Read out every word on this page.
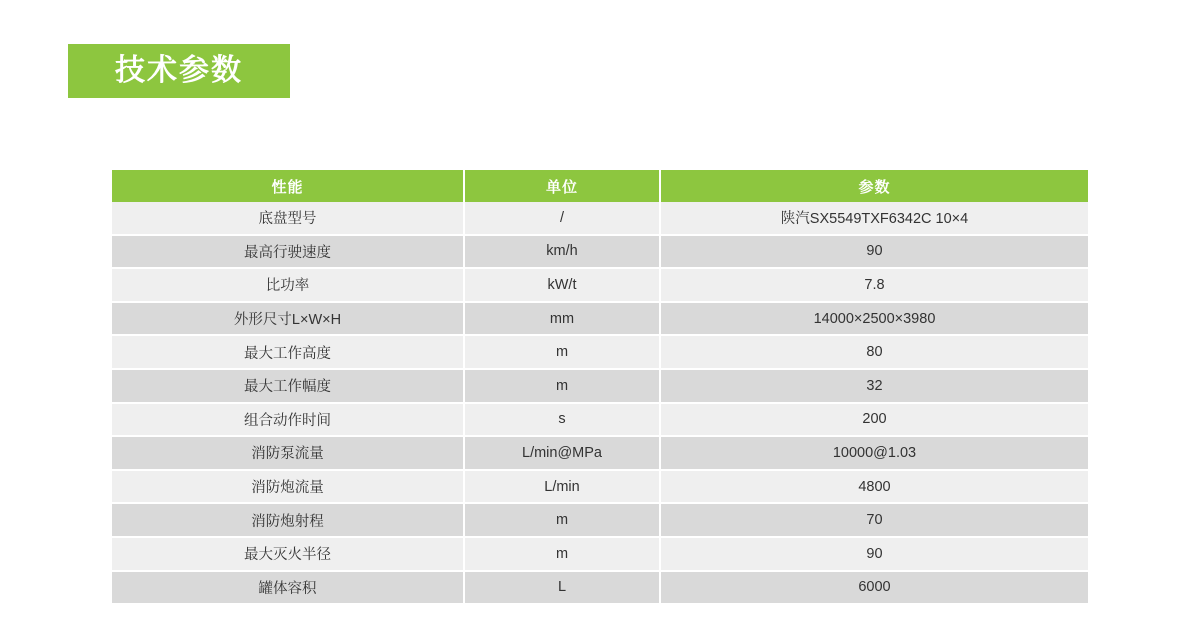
技术参数
性能	单位	参数
底盘型号	/	陕汽SX5549TXF6342C 10×4
最高行驶速度	km/h	90
比功率	kW/t	7.8
外形尺寸L×W×H	mm	14000×2500×3980
最大工作高度	m	80
最大工作幅度	m	32
组合动作时间	s	200
消防泵流量	L/min@MPa	10000@1.03
消防炮流量	L/min	4800
消防炮射程	m	70
最大灭火半径	m	90
罐体容积	L	6000
